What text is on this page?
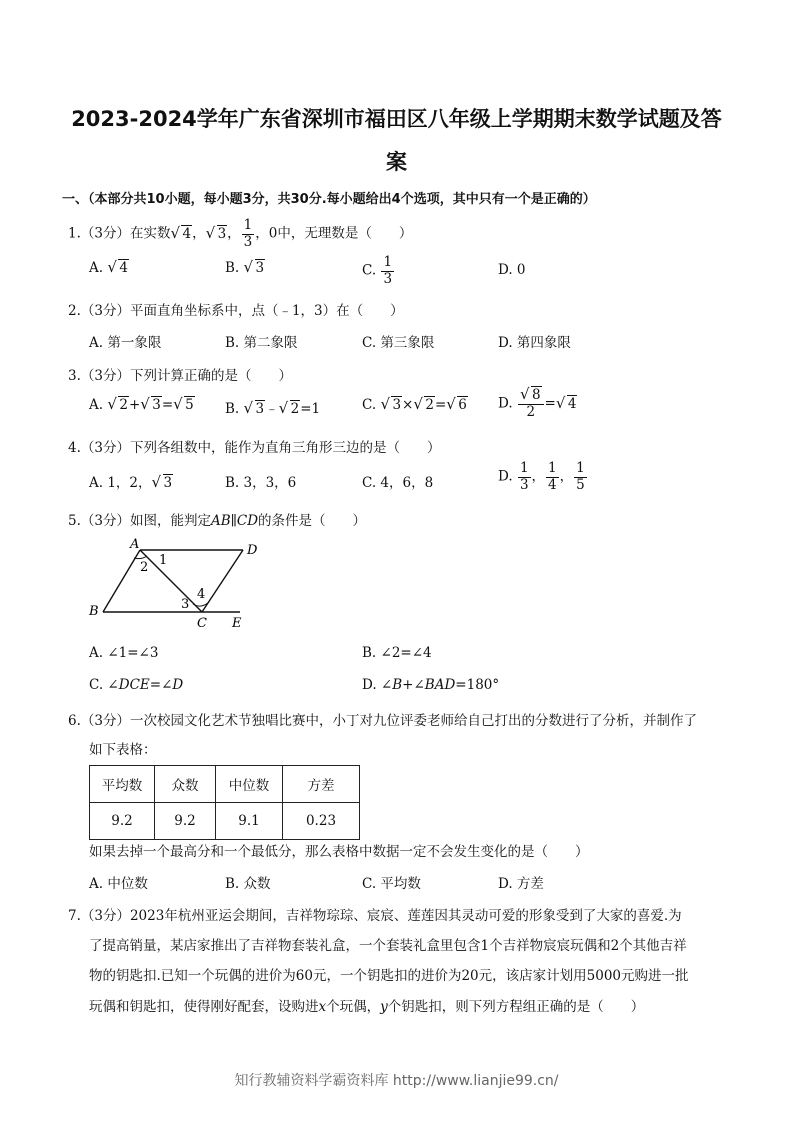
2023-2024学年广东省深圳市福田区八年级上学期期末数学试题及答
案
一、（本部分共10小题，每小题3分，共30分.每小题给出4个选项，其中只有一个是正确的）
1.（3分）在实数 √ 4， √ 3， $\frac{1}{3}$ ，0中，无理数是（　　）
A. √ 4	B. √ 3	C. $\frac{1}{3}$	D. 0
2.（3分）平面直角坐标系中，点（﹣1，3）在（　　）
A. 第一象限	B. 第二象限	C. 第三象限	D. 第四象限
3.（3分）下列计算正确的是（　　）
A. √ 2+ √ 3= √ 5 B. √ 3﹣ √ 2=1	C. √ 3× √ 2= √ 6 D. √ $\frac{8}{2}$ = √ 4
4.（3分）下列各组数中，能作为直角三角形三边的是（　　）
A. 1，2， √ 3	B. 3，3，6	C. 4，6，8	D. $\frac{1}{3}$ ， $\frac{1}{4}$ ， $\frac{1}{5}$
5.（3分）如图，能判定AB∥CD的条件是（　　）
A	D
B
C E
1
2
3
4
A. ∠1=∠3	B. ∠2=∠4
C. ∠DCE=∠D	D. ∠B+∠BAD=180°
6.（3分）一次校园文化艺术节独唱比赛中，小丁对九位评委老师给自己打出的分数进行了分析，并制作了
如下表格：
平均数	众数	中位数	方差
9.2	9.2	9.1	0.23
如果去掉一个最高分和一个最低分，那么表格中数据一定不会发生变化的是（　　）
A. 中位数	B. 众数	C. 平均数	D. 方差
7.（3分）2023年杭州亚运会期间，吉祥物琮琮、宸宸、莲莲因其灵动可爱的形象受到了大家的喜爱.为
了提高销量，某店家推出了吉祥物套装礼盒，一个套装礼盒里包含1个吉祥物宸宸玩偶和2个其他吉祥
物的钥匙扣.已知一个玩偶的进价为60元，一个钥匙扣的进价为20元，该店家计划用5000元购进一批
玩偶和钥匙扣，使得刚好配套，设购进x个玩偶，y个钥匙扣，则下列方程组正确的是（　　）
知行教辅资料学霸资料库 http://www.lianjie99.cn/
